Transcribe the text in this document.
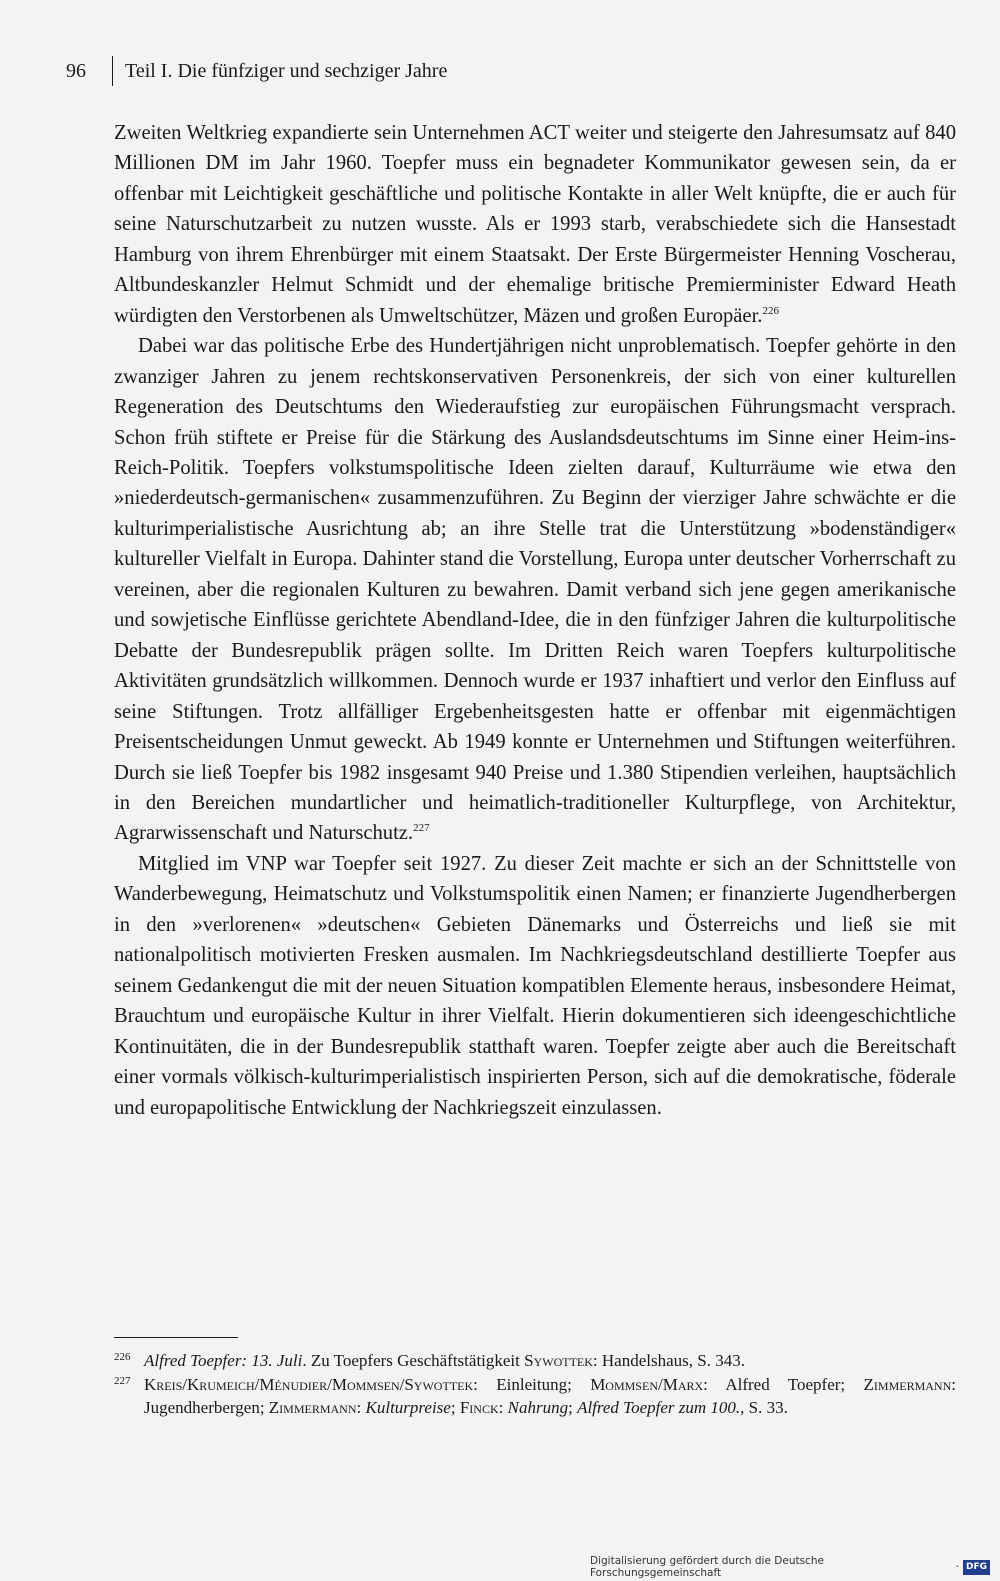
96	Teil I. Die fünfziger und sechziger Jahre

Zweiten Weltkrieg expandierte sein Unternehmen ACT weiter und steigerte den Jahresumsatz auf 840 Millionen DM im Jahr 1960. Toepfer muss ein begnadeter Kommunikator gewesen sein, da er offenbar mit Leichtigkeit geschäftliche und politische Kontakte in aller Welt knüpfte, die er auch für seine Naturschutzarbeit zu nutzen wusste. Als er 1993 starb, verabschiedete sich die Hansestadt Hamburg von ihrem Ehrenbürger mit einem Staatsakt. Der Erste Bürgermeister Henning Voscherau, Altbundeskanzler Helmut Schmidt und der ehemalige britische Premierminister Edward Heath würdigten den Verstorbenen als Umweltschützer, Mäzen und großen Europäer.$^{226}$

Dabei war das politische Erbe des Hundertjährigen nicht unproblematisch. Toepfer gehörte in den zwanziger Jahren zu jenem rechtskonservativen Personenkreis, der sich von einer kulturellen Regeneration des Deutschtums den Wiederaufstieg zur europäischen Führungsmacht versprach. Schon früh stiftete er Preise für die Stärkung des Auslandsdeutschtums im Sinne einer Heim-ins-Reich-Politik. Toepfers volkstumspolitische Ideen zielten darauf, Kulturräume wie etwa den »niederdeutsch-germanischen« zusammenzuführen. Zu Beginn der vierziger Jahre schwächte er die kulturimperialistische Ausrichtung ab; an ihre Stelle trat die Unterstützung »bodenständiger« kultureller Vielfalt in Europa. Dahinter stand die Vorstellung, Europa unter deutscher Vorherrschaft zu vereinen, aber die regionalen Kulturen zu bewahren. Damit verband sich jene gegen amerikanische und sowjetische Einflüsse gerichtete Abendland-Idee, die in den fünfziger Jahren die kulturpolitische Debatte der Bundesrepublik prägen sollte. Im Dritten Reich waren Toepfers kulturpolitische Aktivitäten grundsätzlich willkommen. Dennoch wurde er 1937 inhaftiert und verlor den Einfluss auf seine Stiftungen. Trotz allfälliger Ergebenheitsgesten hatte er offenbar mit eigenmächtigen Preisentscheidungen Unmut geweckt. Ab 1949 konnte er Unternehmen und Stiftungen weiterführen. Durch sie ließ Toepfer bis 1982 insgesamt 940 Preise und 1.380 Stipendien verleihen, hauptsächlich in den Bereichen mundartlicher und heimatlich-traditioneller Kulturpflege, von Architektur, Agrarwissenschaft und Naturschutz.$^{227}$

Mitglied im VNP war Toepfer seit 1927. Zu dieser Zeit machte er sich an der Schnittstelle von Wanderbewegung, Heimatschutz und Volkstumspolitik einen Namen; er finanzierte Jugendherbergen in den »verlorenen« »deutschen« Gebieten Dänemarks und Österreichs und ließ sie mit nationalpolitisch motivierten Fresken ausmalen. Im Nachkriegsdeutschland destillierte Toepfer aus seinem Gedankengut die mit der neuen Situation kompatiblen Elemente heraus, insbesondere Heimat, Brauchtum und europäische Kultur in ihrer Vielfalt. Hierin dokumentieren sich ideengeschichtliche Kontinuitäten, die in der Bundesrepublik statthaft waren. Toepfer zeigte aber auch die Bereitschaft einer vormals völkisch-kulturimperialistisch inspirierten Person, sich auf die demokratische, föderale und europapolitische Entwicklung der Nachkriegszeit einzulassen.

226 Alfred Toepfer: 13. Juli. Zu Toepfers Geschäftstätigkeit Sywottek: Handelshaus, S. 343.
227 Kreis/Krumeich/Ménudier/Mommsen/Sywottek: Einleitung; Mommsen/Marx: Alfred Toepfer; Zimmermann: Jugendherbergen; Zimmermann: Kulturpreise; Finck: Nahrung; Alfred Toepfer zum 100., S. 33.
Digitalisierung gefördert durch die Deutsche Forschungsgemeinschaft	· DFG
